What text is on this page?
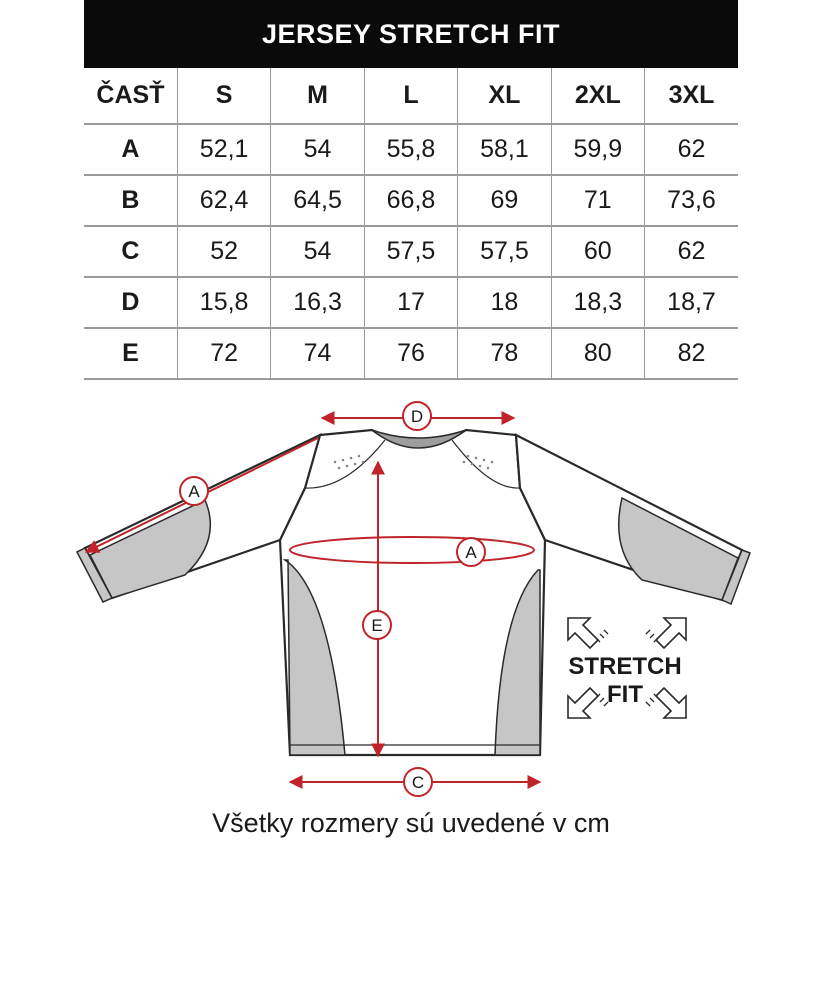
JERSEY STRETCH FIT
ČASŤ	S	M	L	XL	2XL	3XL
A	52,1	54	55,8	58,1	59,9	62
B	62,4	64,5	66,8	69	71	73,6
C	52	54	57,5	57,5	60	62
D	15,8	16,3	17	18	18,3	18,7
E	72	74	76	78	80	82
D
A
A
E
C
STRETCH
FIT
Všetky rozmery sú uvedené v cm
